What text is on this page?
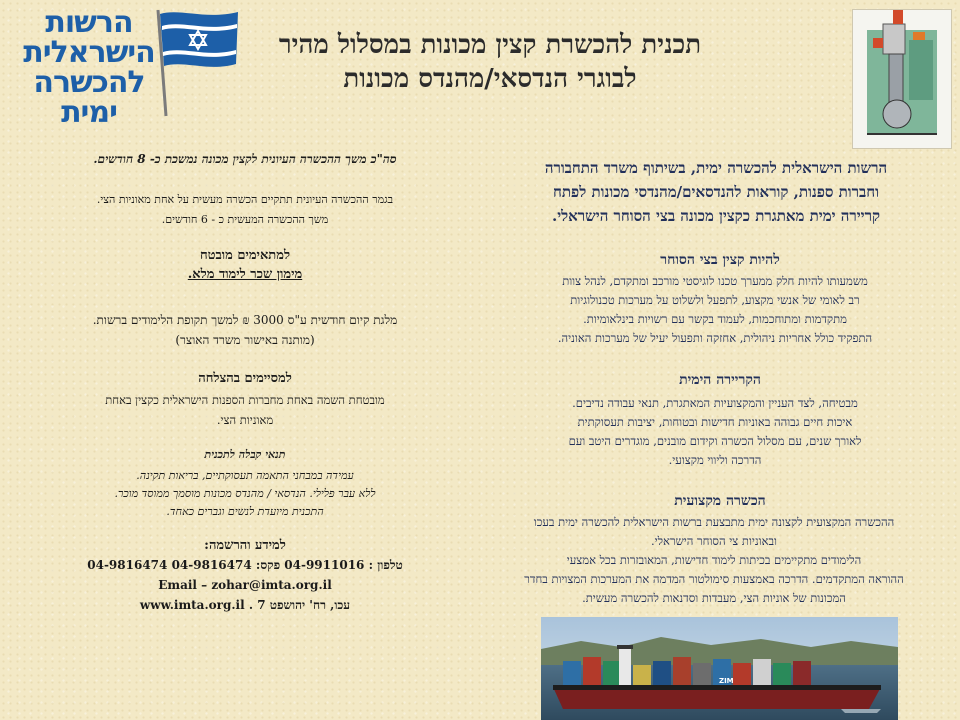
הרשות
הישראלית
להכשרה
ימית
תכנית להכשרת קצין מכונות במסלול מהיר
לבוגרי הנדסאי/מהנדס מכונות
הרשות הישראלית להכשרה ימית, בשיתוף משרד התחבורה
וחברות ספנות, קוראות להנדסאים/מהנדסי מכונות לפתח
קריירה ימית מאתגרת כקצין מכונה בצי הסוחר הישראלי.
להיות קצין בצי הסוחר
משמעותו להיות חלק ממערך טכנו לוגיסטי מורכב ומתקדם, לנהל צוות
רב לאומי של אנשי מקצוע, לתפעל ולשלוט על מערכות טכנולוגיות
מתקדמות ומתוחכמות, לעמוד בקשר עם רשויות בינלאומיות.
התפקיד כולל אחריות ניהולית, אחזקה ותפעול יעיל של מערכות האוניה.
הקריירה הימית
מבטיחה, לצד העניין והמקצועיות המאתגרת, תנאי עבודה נדיבים.
איכות חיים גבוהה באוניות חדישות ובטוחות, יציבות תעסוקתית
לאורך שנים, עם מסלול הכשרה וקידום מובנים, מוגדרים היטב ועם
הדרכה וליווי מקצועי.
הכשרה מקצועית
ההכשרה המקצועית לקצונה ימית מתבצעת ברשות הישראלית להכשרה ימית בעכו
ובאוניות צי הסוחר הישראלי.
הלימודים מתקיימים בכיתות לימוד חדישות, המאובזרות בכל אמצעי
ההוראה המתקדמים. הדרכה באמצעות סימולטור המדמה את המערכות המצויות בחדר
המכונות של אוניות הצי, מעבדות וסדנאות להכשרה מעשית.
סה"כ משך ההכשרה העיונית לקצין מכונה נמשכת כ- 8 חודשים.
בגמר ההכשרה העיונית תתקיים הכשרה מעשית על אחת מאוניות הצי.
משך ההכשרה המעשית כ - 6 חודשים.
למתאימים מובטח
מימון שכר לימוד מלא.
מלגת קיום חודשית ע"ס 3000 ₪ למשך תקופת הלימודים ברשות.
(מותנה באישור משרד האוצר)
למסיימים בהצלחה
מובטחת השמה באחת מחברות הספנות הישראלית כקצין באחת
מאוניות הצי.
תנאי קבלה לתכנית
עמידה במבחני התאמה תעסוקתיים, בריאות תקינה.
ללא עבר פלילי. הנדסאי / מהנדס מכונות מוסמך ממוסד מוכר.
התכנית מיועדת לנשים וגברים כאחד.
למידע והרשמה:
טלפון : 04-9911016 פקס: 04-9816474 04-9816474
Email – zohar@imta.org.il
עכו, רח' יהושפט 7 . www.imta.org.il
ZIM
